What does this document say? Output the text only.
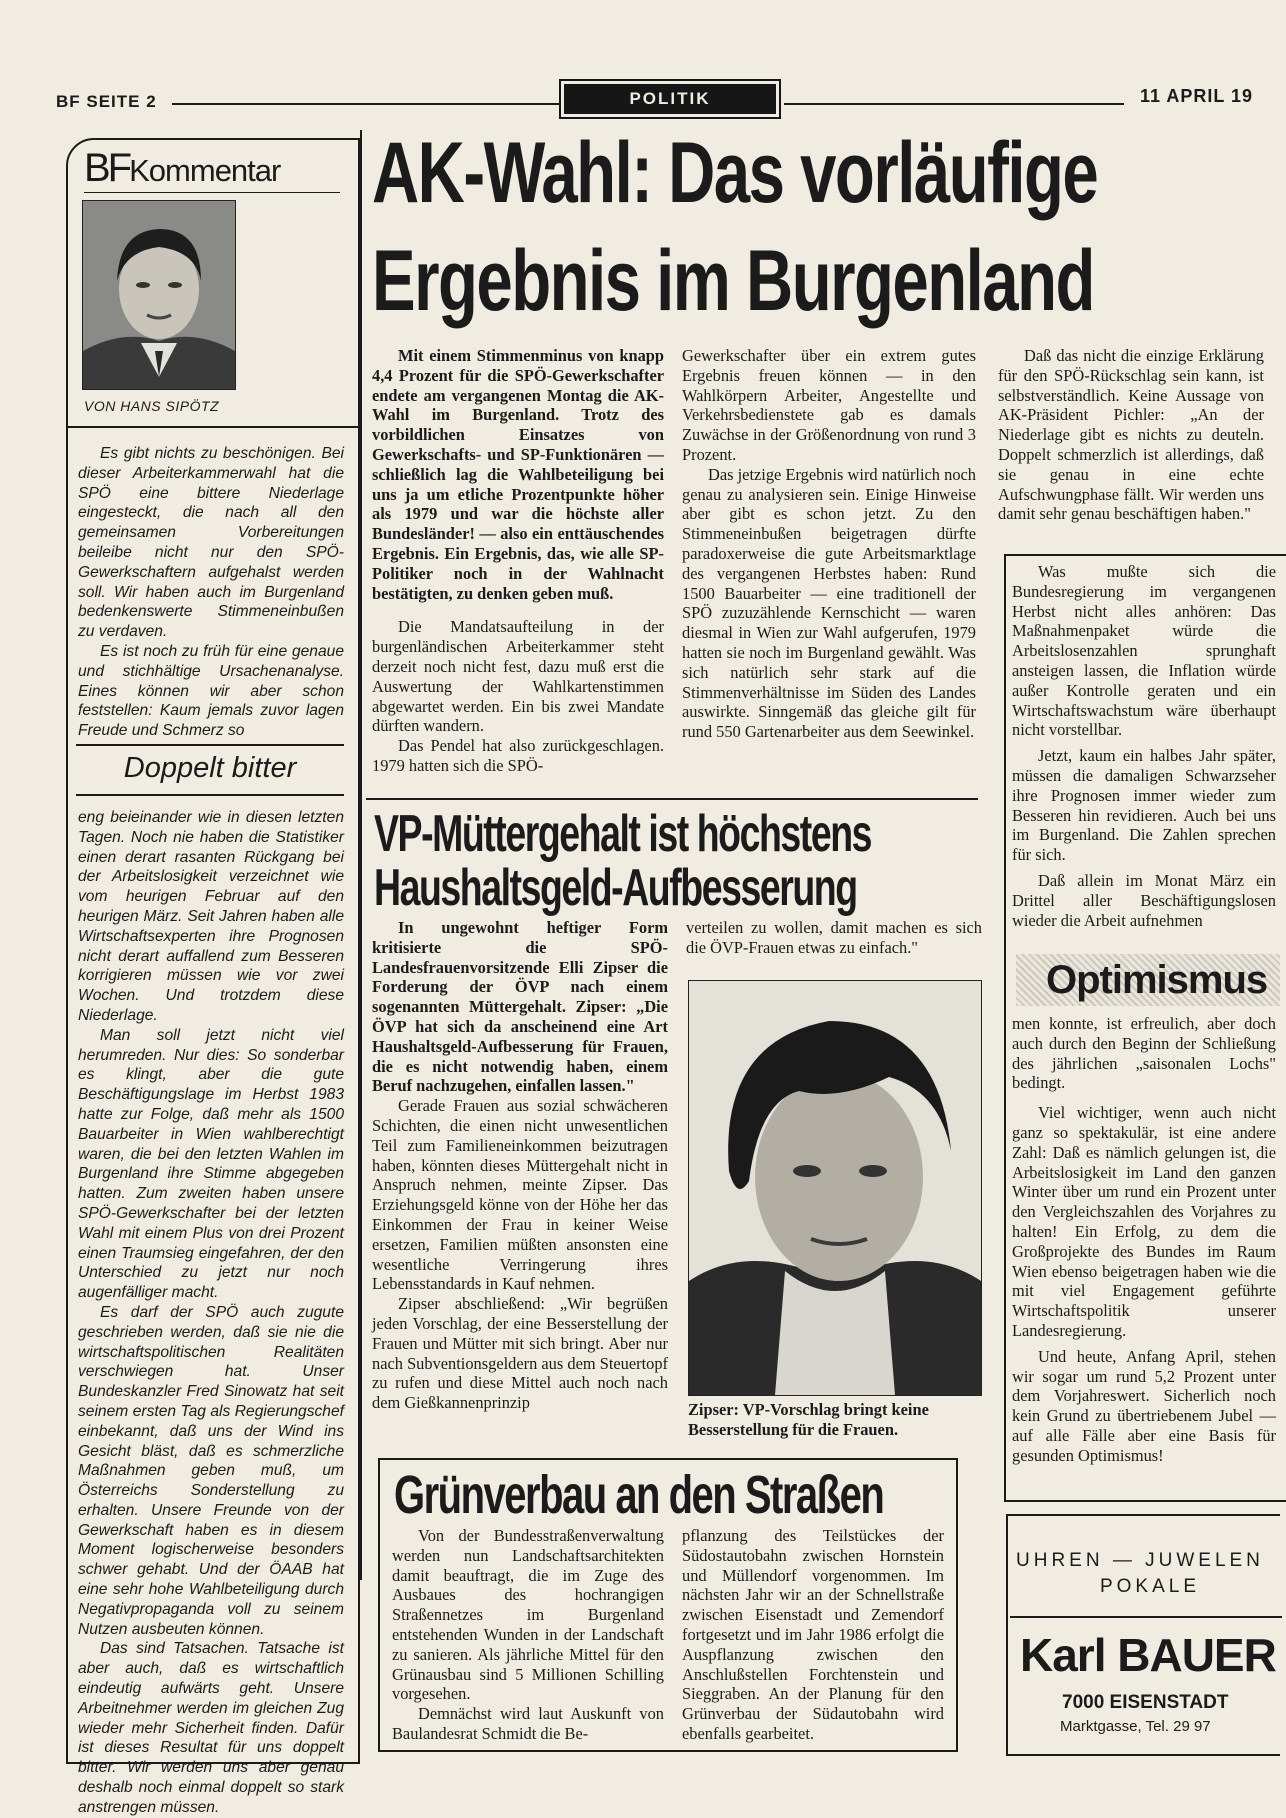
BF SEITE 2	POLITIK	11 APRIL 19
BFKommentar
VON HANS SIPÖTZ

Es gibt nichts zu beschönigen. Bei dieser Arbeiterkammerwahl hat die SPÖ eine bittere Niederlage eingesteckt, die nach all den gemeinsamen Vorbereitungen beileibe nicht nur den SPÖ-Gewerkschaftern aufgehalst werden soll. Wir haben auch im Burgenland bedenkenswerte Stimmeneinbußen zu verdaven.

Es ist noch zu früh für eine genaue und stichhältige Ursachenanalyse. Eines können wir aber schon feststellen: Kaum jemals zuvor lagen Freude und Schmerz so

Doppelt bitter

eng beieinander wie in diesen letzten Tagen. Noch nie haben die Statistiker einen derart rasanten Rückgang bei der Arbeitslosigkeit verzeichnet wie vom heurigen Februar auf den heurigen März. Seit Jahren haben alle Wirtschaftsexperten ihre Prognosen nicht derart auffallend zum Besseren korrigieren müssen wie vor zwei Wochen. Und trotzdem diese Niederlage.

Man soll jetzt nicht viel herumreden. Nur dies: So sonderbar es klingt, aber die gute Beschäftigungslage im Herbst 1983 hatte zur Folge, daß mehr als 1500 Bauarbeiter in Wien wahlberechtigt waren, die bei den letzten Wahlen im Burgenland ihre Stimme abgegeben hatten. Zum zweiten haben unsere SPÖ-Gewerkschafter bei der letzten Wahl mit einem Plus von drei Prozent einen Traumsieg eingefahren, der den Unterschied zu jetzt nur noch augenfälliger macht.

Es darf der SPÖ auch zugute geschrieben werden, daß sie nie die wirtschaftspolitischen Realitäten verschwiegen hat. Unser Bundeskanzler Fred Sinowatz hat seit seinem ersten Tag als Regierungschef einbekannt, daß uns der Wind ins Gesicht bläst, daß es schmerzliche Maßnahmen geben muß, um Österreichs Sonderstellung zu erhalten. Unsere Freunde von der Gewerkschaft haben es in diesem Moment logischerweise besonders schwer gehabt. Und der ÖAAB hat eine sehr hohe Wahlbeteiligung durch Negativpropaganda voll zu seinem Nutzen ausbeuten können.

Das sind Tatsachen. Tatsache ist aber auch, daß es wirtschaftlich eindeutig aufwärts geht. Unsere Arbeitnehmer werden im gleichen Zug wieder mehr Sicherheit finden. Dafür ist dieses Resultat für uns doppelt bitter. Wir werden uns aber genau deshalb noch einmal doppelt so stark anstrengen müssen.

AK-Wahl: Das vorläufige
Ergebnis im Burgenland

Mit einem Stimmenminus von knapp 4,4 Prozent für die SPÖ-Gewerkschafter endete am vergangenen Montag die AK-Wahl im Burgenland. Trotz des vorbildlichen Einsatzes von Gewerkschafts- und SP-Funktionären — schließlich lag die Wahlbeteiligung bei uns ja um etliche Prozentpunkte höher als 1979 und war die höchste aller Bundesländer! — also ein enttäuschendes Ergebnis. Ein Ergebnis, das, wie alle SP-Politiker noch in der Wahlnacht bestätigten, zu denken geben muß.

Die Mandatsaufteilung in der burgenländischen Arbeiterkammer steht derzeit noch nicht fest, dazu muß erst die Auswertung der Wahlkartenstimmen abgewartet werden. Ein bis zwei Mandate dürften wandern.

Das Pendel hat also zurückgeschlagen. 1979 hatten sich die SPÖ-

Gewerkschafter über ein extrem gutes Ergebnis freuen können — in den Wahlkörpern Arbeiter, Angestellte und Verkehrsbedienstete gab es damals Zuwächse in der Größenordnung von rund 3 Prozent.

Das jetzige Ergebnis wird natürlich noch genau zu analysieren sein. Einige Hinweise aber gibt es schon jetzt. Zu den Stimmeneinbußen beigetragen dürfte paradoxerweise die gute Arbeitsmarktlage des vergangenen Herbstes haben: Rund 1500 Bauarbeiter — eine traditionell der SPÖ zuzuzählende Kernschicht — waren diesmal in Wien zur Wahl aufgerufen, 1979 hatten sie noch im Burgenland gewählt. Was sich natürlich sehr stark auf die Stimmenverhältnisse im Süden des Landes auswirkte. Sinngemäß das gleiche gilt für rund 550 Gartenarbeiter aus dem Seewinkel.

Daß das nicht die einzige Erklärung für den SPÖ-Rückschlag sein kann, ist selbstverständlich. Keine Aussage von AK-Präsident Pichler: „An der Niederlage gibt es nichts zu deuteln. Doppelt schmerzlich ist allerdings, daß sie genau in eine echte Aufschwungphase fällt. Wir werden uns damit sehr genau beschäftigen haben."

VP-Müttergehalt ist höchstens
Haushaltsgeld-Aufbesserung

In ungewohnt heftiger Form kritisierte die SPÖ-Landesfrauenvorsitzende Elli Zipser die Forderung der ÖVP nach einem sogenannten Müttergehalt. Zipser: „Die ÖVP hat sich da anscheinend eine Art Haushaltsgeld-Aufbesserung für Frauen, die es nicht notwendig haben, einem Beruf nachzugehen, einfallen lassen."

Gerade Frauen aus sozial schwächeren Schichten, die einen nicht unwesentlichen Teil zum Familieneinkommen beizutragen haben, könnten dieses Müttergehalt nicht in Anspruch nehmen, meinte Zipser. Das Erziehungsgeld könne von der Höhe her das Einkommen der Frau in keiner Weise ersetzen, Familien müßten ansonsten eine wesentliche Verringerung ihres Lebensstandards in Kauf nehmen.

Zipser abschließend: „Wir begrüßen jeden Vorschlag, der eine Besserstellung der Frauen und Mütter mit sich bringt. Aber nur nach Subventionsgeldern aus dem Steuertopf zu rufen und diese Mittel auch noch nach dem Gießkannenprinzip

verteilen zu wollen, damit machen es sich die ÖVP-Frauen etwas zu einfach."

Zipser: VP-Vorschlag bringt keine Besserstellung für die Frauen.

Was mußte sich die Bundesregierung im vergangenen Herbst nicht alles anhören: Das Maßnahmenpaket würde die Arbeitslosenzahlen sprunghaft ansteigen lassen, die Inflation würde außer Kontrolle geraten und ein Wirtschaftswachstum wäre überhaupt nicht vorstellbar.

Jetzt, kaum ein halbes Jahr später, müssen die damaligen Schwarzseher ihre Prognosen immer wieder zum Besseren hin revidieren. Auch bei uns im Burgenland. Die Zahlen sprechen für sich.

Daß allein im Monat März ein Drittel aller Beschäftigungslosen wieder die Arbeit aufnehmen

Optimismus

men konnte, ist erfreulich, aber doch auch durch den Beginn der Schließung des jährlichen „saisonalen Lochs" bedingt.

Viel wichtiger, wenn auch nicht ganz so spektakulär, ist eine andere Zahl: Daß es nämlich gelungen ist, die Arbeitslosigkeit im Land den ganzen Winter über um rund ein Prozent unter den Vergleichszahlen des Vorjahres zu halten! Ein Erfolg, zu dem die Großprojekte des Bundes im Raum Wien ebenso beigetragen haben wie die mit viel Engagement geführte Wirtschaftspolitik unserer Landesregierung.

Und heute, Anfang April, stehen wir sogar um rund 5,2 Prozent unter dem Vorjahreswert. Sicherlich noch kein Grund zu übertriebenem Jubel — auf alle Fälle aber eine Basis für gesunden Optimismus!

Grünverbau an den Straßen

Von der Bundesstraßenverwaltung werden nun Landschaftsarchitekten damit beauftragt, die im Zuge des Ausbaues des hochrangigen Straßennetzes im Burgenland entstehenden Wunden in der Landschaft zu sanieren. Als jährliche Mittel für den Grünausbau sind 5 Millionen Schilling vorgesehen.

Demnächst wird laut Auskunft von Baulandesrat Schmidt die Be-

pflanzung des Teilstückes der Südostautobahn zwischen Hornstein und Müllendorf vorgenommen. Im nächsten Jahr wir an der Schnellstraße zwischen Eisenstadt und Zemendorf fortgesetzt und im Jahr 1986 erfolgt die Auspflanzung zwischen den Anschlußstellen Forchtenstein und Sieggraben. An der Planung für den Grünverbau der Südautobahn wird ebenfalls gearbeitet.

UHREN — JUWELEN
POKALE
Karl BAUER
7000 EISENSTADT
Marktgasse, Tel. 29 97
